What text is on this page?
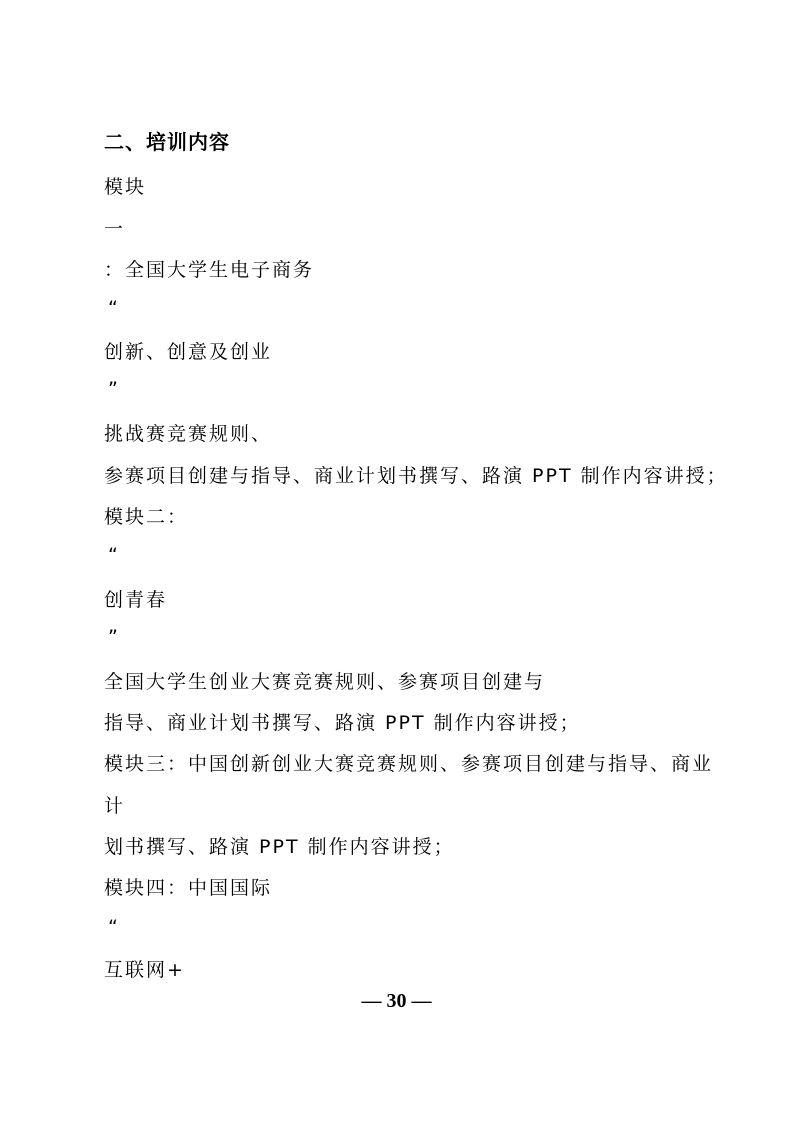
二、培训内容
模块
一
：全国大学生电子商务
“
创新、创意及创业
”
挑战赛竞赛规则、
参赛项目创建与指导、商业计划书撰写、路演 PPT 制作内容讲授；
模块二：
“
创青春
”
全国大学生创业大赛竞赛规则、参赛项目创建与
指导、商业计划书撰写、路演 PPT 制作内容讲授；
模块三：中国创新创业大赛竞赛规则、参赛项目创建与指导、商业
计
划书撰写、路演 PPT 制作内容讲授；
模块四：中国国际
“
互联网+
— 30 —
